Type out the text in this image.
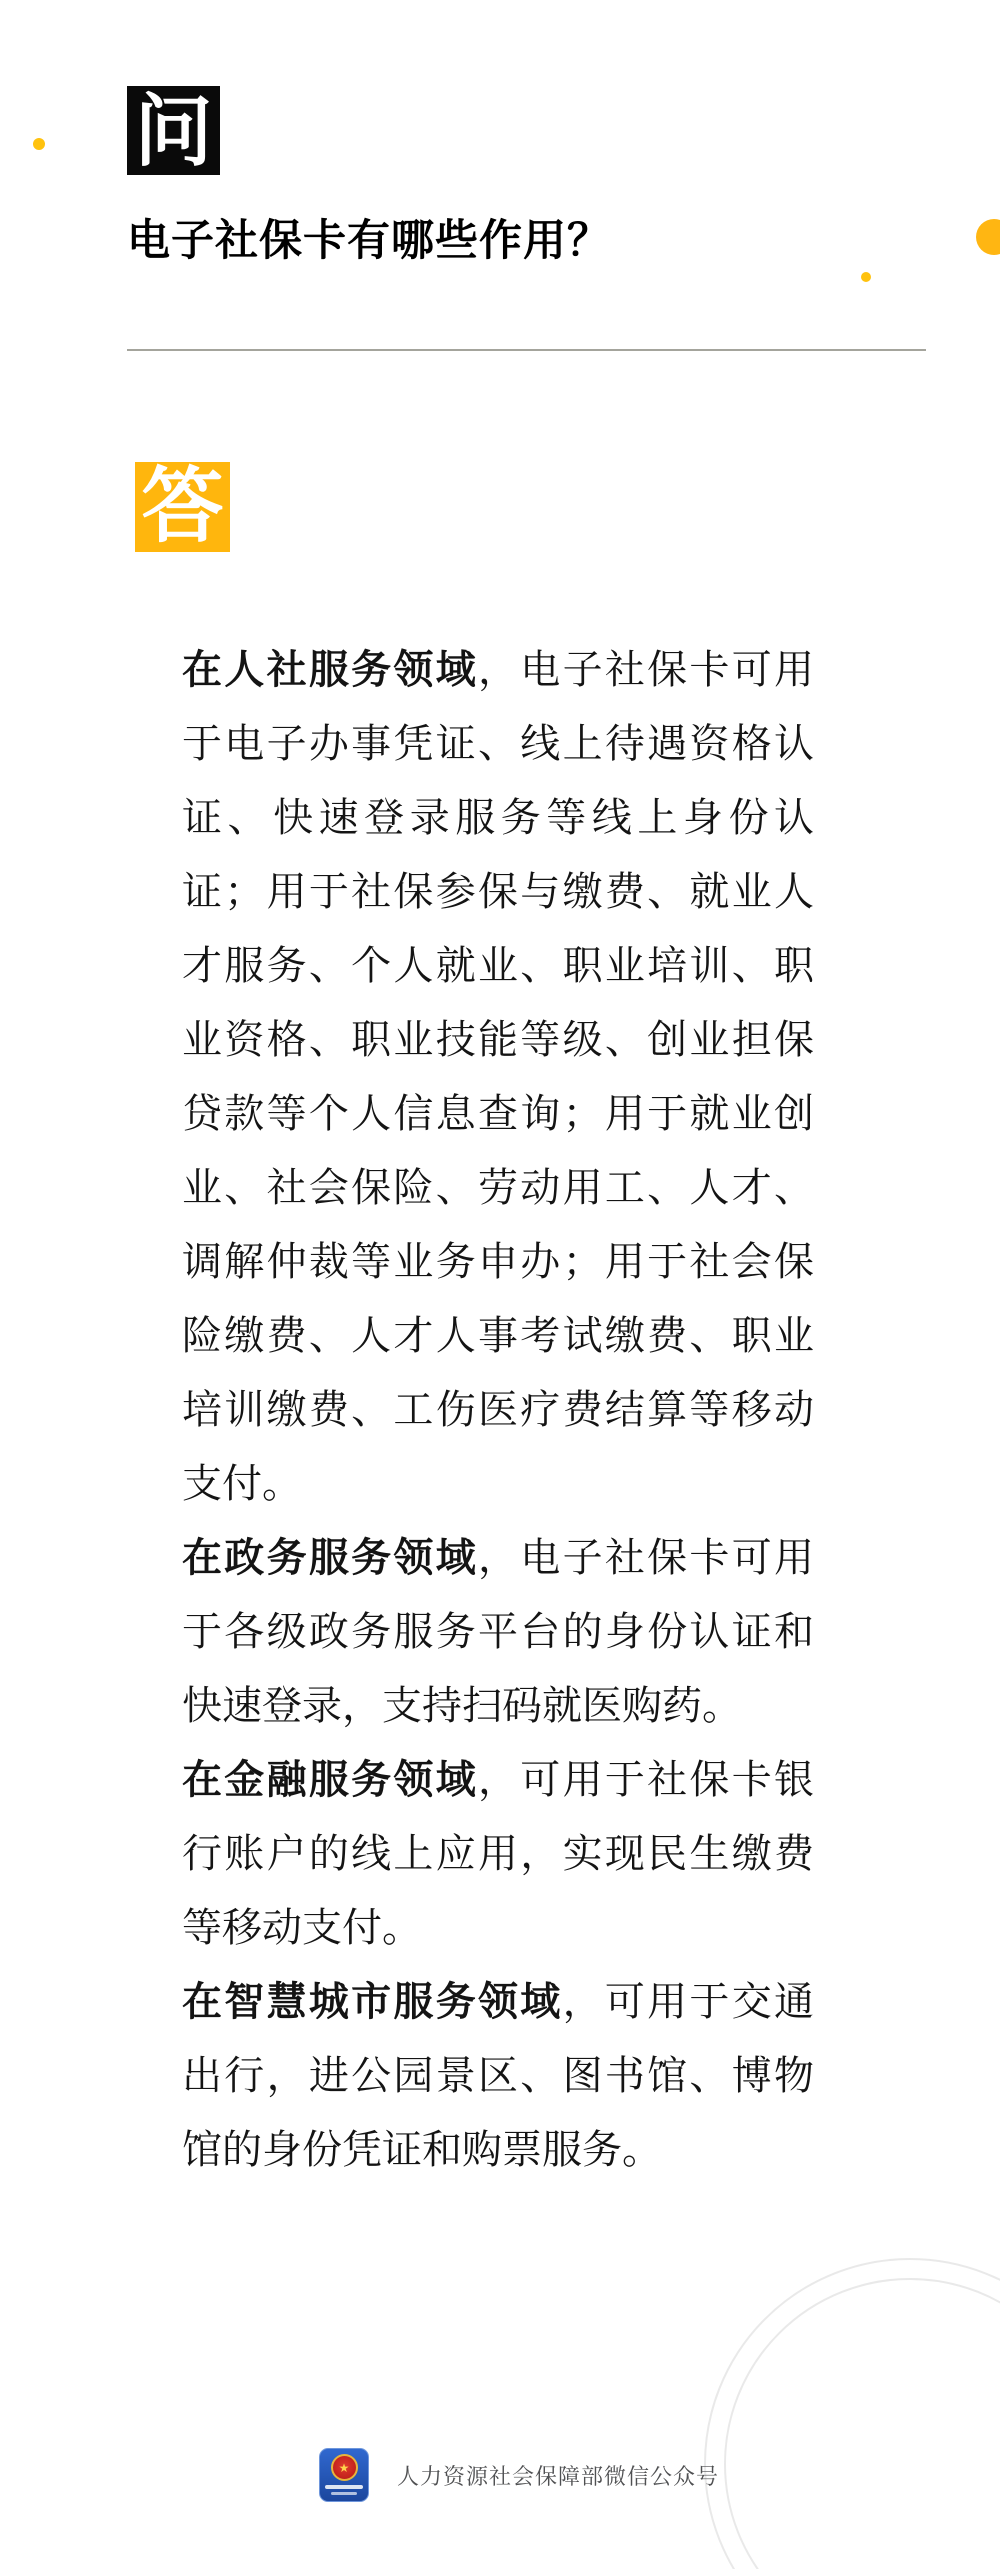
问
电子社保卡有哪些作用？
答

在人社服务领域，电子社保卡可用于电子办事凭证、线上待遇资格认证、快速登录服务等线上身份认证；用于社保参保与缴费、就业人才服务、个人就业、职业培训、职业资格、职业技能等级、创业担保贷款等个人信息查询；用于就业创业、社会保险、劳动用工、人才、调解仲裁等业务申办；用于社会保险缴费、人才人事考试缴费、职业培训缴费、工伤医疗费结算等移动支付。

在政务服务领域，电子社保卡可用于各级政务服务平台的身份认证和快速登录，支持扫码就医购药。

在金融服务领域，可用于社保卡银行账户的线上应用，实现民生缴费等移动支付。

在智慧城市服务领域，可用于交通出行，进公园景区、图书馆、博物馆的身份凭证和购票服务。

★ 人力资源社会保障部微信公众号
